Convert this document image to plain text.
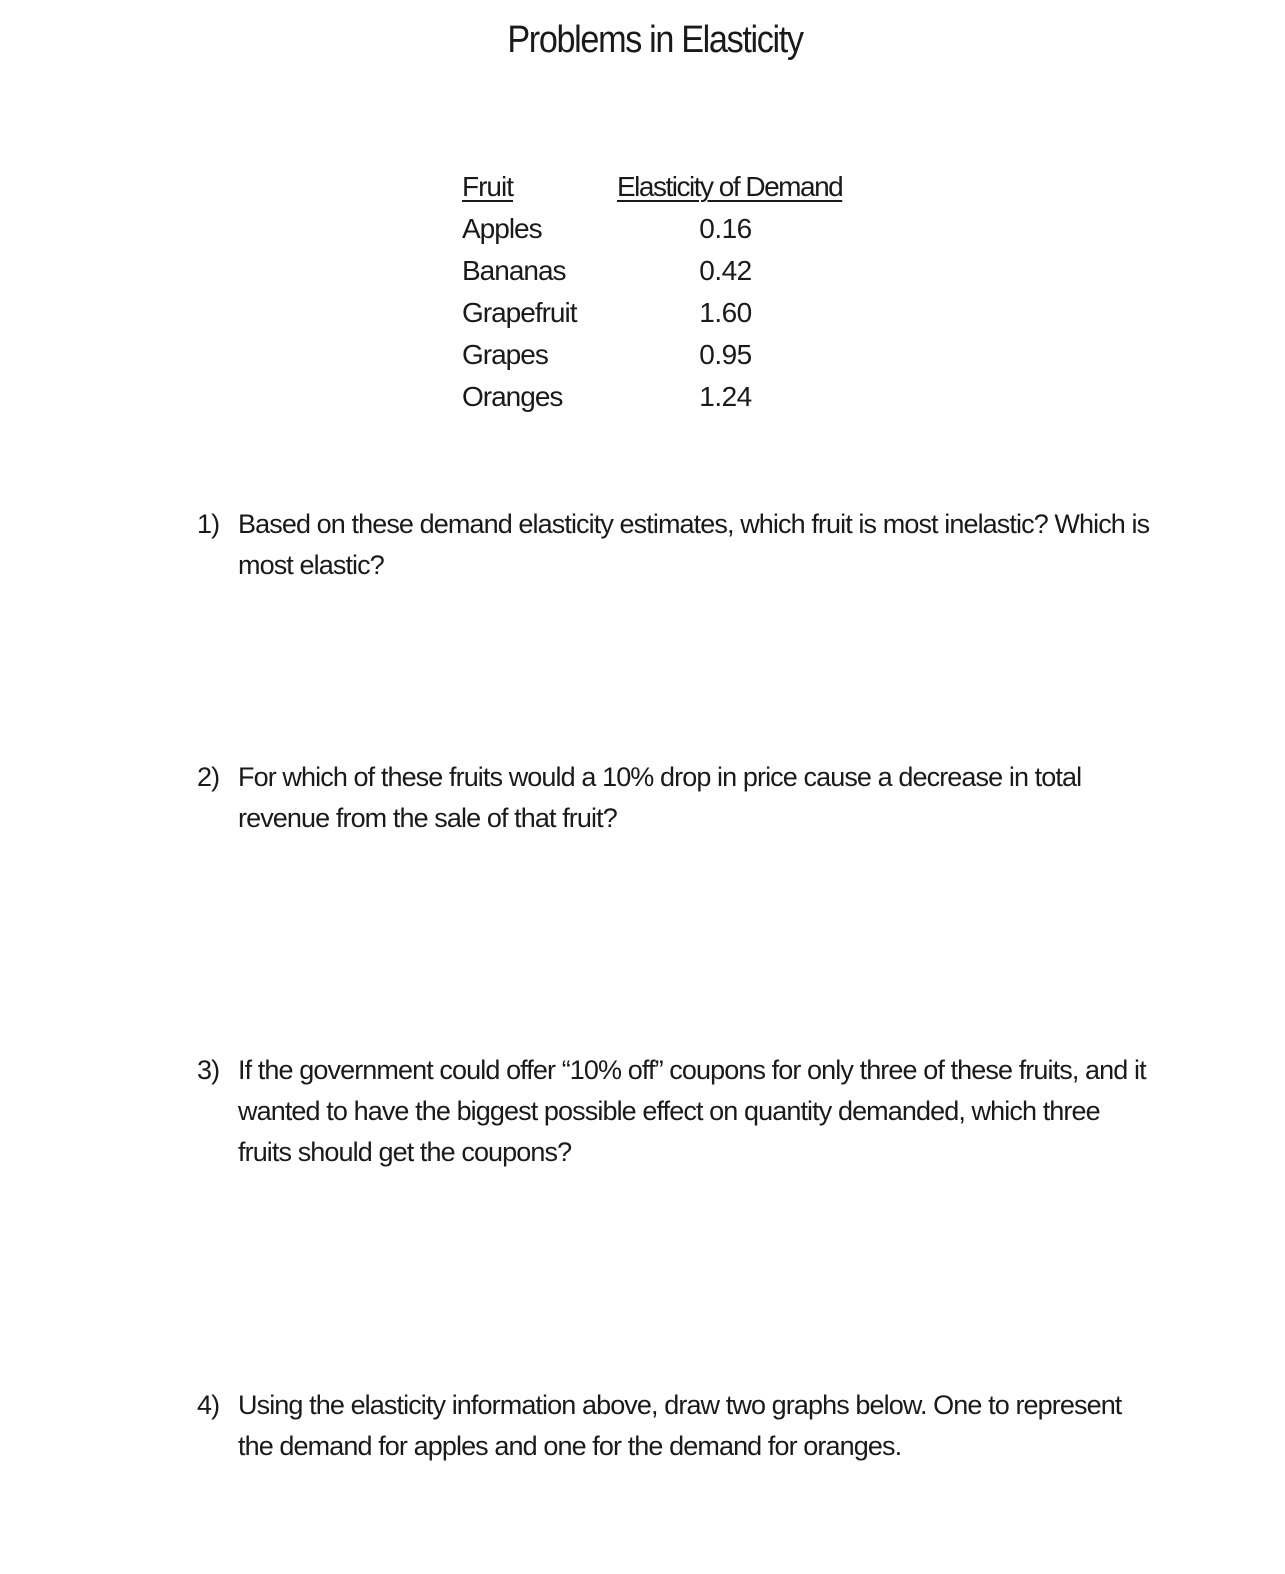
Problems in Elasticity
Fruit	Elasticity of Demand
Apples	0.16
Bananas	0.42
Grapefruit	1.60
Grapes	0.95
Oranges	1.24
1) Based on these demand elasticity estimates, which fruit is most inelastic? Which is most elastic?
2) For which of these fruits would a 10% drop in price cause a decrease in total revenue from the sale of that fruit?
3) If the government could offer “10% off” coupons for only three of these fruits, and it wanted to have the biggest possible effect on quantity demanded, which three fruits should get the coupons?
4) Using the elasticity information above, draw two graphs below. One to represent the demand for apples and one for the demand for oranges.
